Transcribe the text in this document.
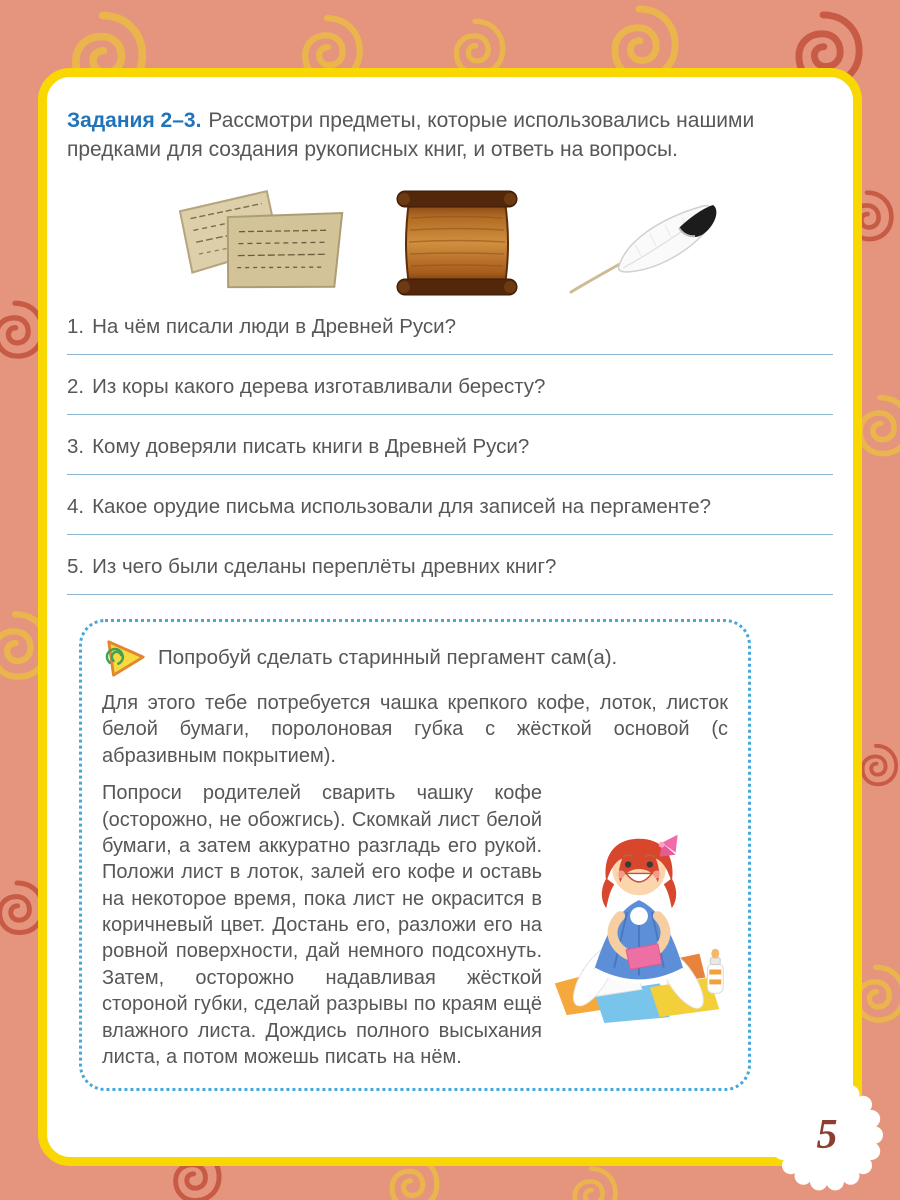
Задания 2–3. Рассмотри предметы, которые использовались нашими предками для создания рукописных книг, и ответь на вопросы.

1. На чём писали люди в Древней Руси?

2. Из коры какого дерева изготавливали бересту?

3. Кому доверяли писать книги в Древней Руси?

4. Какое орудие письма использовали для записей на пергаменте?

5. Из чего были сделаны переплёты древних книг?

Попробуй сделать старинный пергамент сам(а).

Для этого тебе потребуется чашка крепкого кофе, лоток, листок белой бумаги, поролоновая губка с жёсткой основой (с абразивным покрытием).

Попроси родителей сварить чашку кофе (осторожно, не обожгись). Скомкай лист белой бумаги, а затем аккуратно разгладь его рукой. Положи лист в лоток, залей его кофе и оставь на некоторое время, пока лист не окрасится в коричневый цвет. Достань его, разложи его на ровной поверхности, дай немного подсохнуть. Затем, осторожно надавливая жёсткой стороной губки, сделай разрывы по краям ещё влажного листа. Дождись полного высыхания листа, а потом можешь писать на нём.

5
